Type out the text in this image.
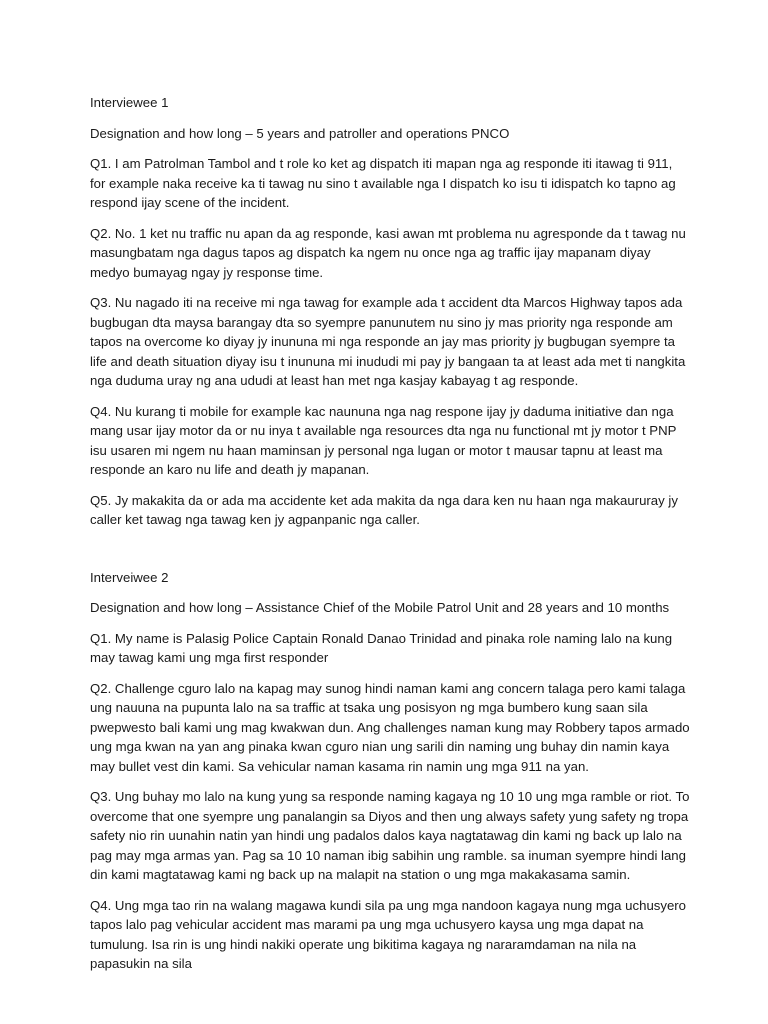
Interviewee 1

Designation and how long – 5 years and patroller and operations PNCO

Q1. I am Patrolman Tambol and t role ko ket ag dispatch iti mapan nga ag responde iti itawag ti 911, for example naka receive ka ti tawag nu sino t available nga I dispatch ko isu ti idispatch ko tapno ag respond ijay scene of the incident.

Q2. No. 1 ket nu traffic nu apan da ag responde, kasi awan mt problema nu agresponde da t tawag nu masungbatam nga dagus tapos ag dispatch ka ngem nu once nga ag traffic ijay mapanam diyay medyo bumayag ngay jy response time.

Q3. Nu nagado iti na receive mi nga tawag for example ada t accident dta Marcos Highway tapos ada bugbugan dta maysa barangay dta so syempre panunutem nu sino jy mas priority nga responde am tapos na overcome ko diyay jy inununa mi nga responde an jay mas priority jy bugbugan syempre ta life and death situation diyay isu t inununa mi inududi mi pay jy bangaan ta at least ada met ti nangkita nga duduma uray ng ana ududi at least han met nga kasjay kabayag t ag responde.

Q4. Nu kurang ti mobile for example kac naununa nga nag respone ijay jy daduma initiative dan nga mang usar ijay motor da or nu inya t available nga resources dta nga nu functional mt jy motor t PNP isu usaren mi ngem nu haan maminsan jy personal nga lugan or motor t mausar tapnu at least ma responde an karo nu life and death jy mapanan.

Q5. Jy makakita da or ada ma accidente ket ada makita da nga dara ken nu haan nga makaururay jy caller ket tawag nga tawag ken jy agpanpanic nga caller.

Interveiwee 2

Designation and how long – Assistance Chief of the Mobile Patrol Unit and 28 years and 10 months

Q1. My name is Palasig Police Captain Ronald Danao Trinidad and pinaka role naming lalo na kung may tawag kami ung mga first responder

Q2. Challenge cguro lalo na kapag may sunog hindi naman kami ang concern talaga pero kami talaga ung nauuna na pupunta lalo na sa traffic at tsaka ung posisyon ng mga bumbero kung saan sila pwepwesto bali kami ung mag kwakwan dun. Ang challenges naman kung may Robbery tapos armado ung mga kwan na yan ang pinaka kwan cguro nian ung sarili din naming ung buhay din namin kaya may bullet vest din kami. Sa vehicular naman kasama rin namin ung mga 911 na yan.

Q3. Ung buhay mo lalo na kung yung sa responde naming kagaya ng 10 10 ung mga ramble or riot. To overcome that one syempre ung panalangin sa Diyos and then ung always safety yung safety ng tropa safety nio rin uunahin natin yan hindi ung padalos dalos kaya nagtatawag din kami ng back up lalo na pag may mga armas yan. Pag sa 10 10 naman ibig sabihin ung ramble. sa inuman syempre hindi lang din kami magtatawag kami ng back up na malapit na station o ung mga makakasama samin.

Q4. Ung mga tao rin na walang magawa kundi sila pa ung mga nandoon kagaya nung mga uchusyero tapos lalo pag vehicular accident mas marami pa ung mga uchusyero kaysa ung mga dapat na tumulung. Isa rin is ung hindi nakiki operate ung bikitima kagaya ng nararamdaman na nila na papasukin na sila
